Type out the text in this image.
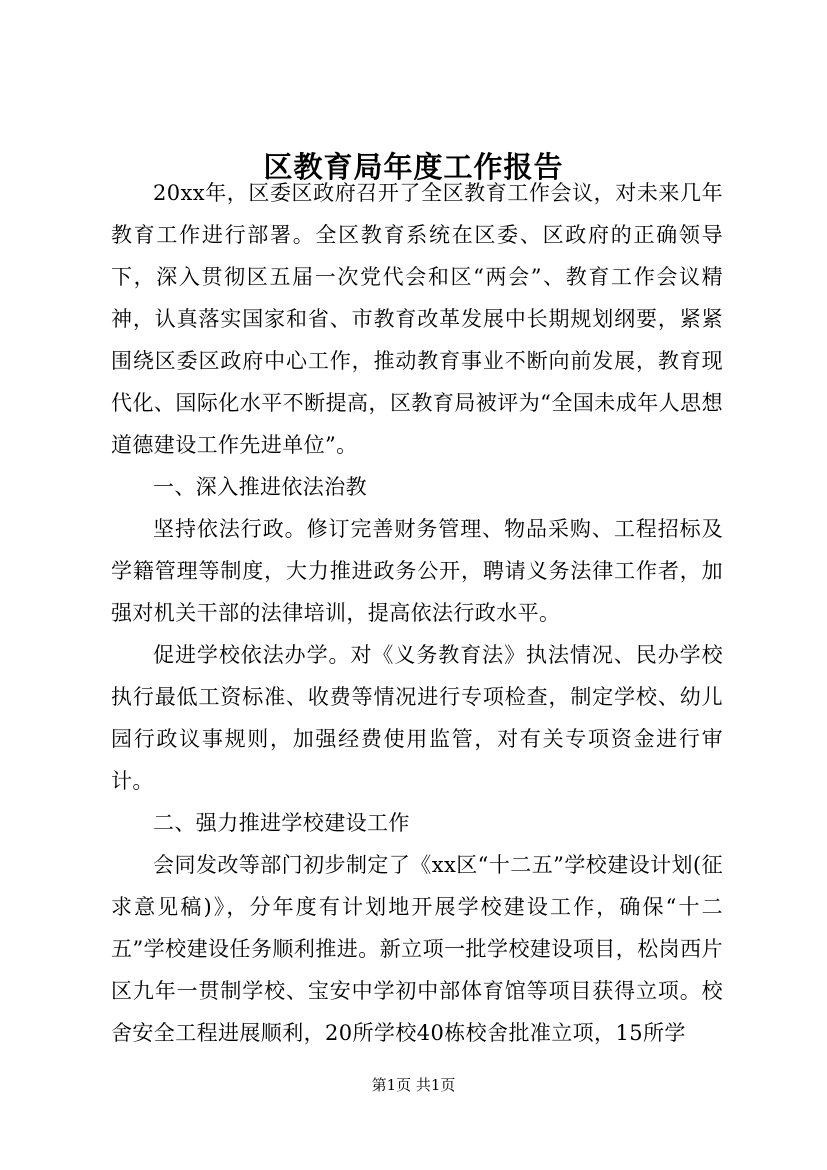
区教育局年度工作报告

20xx年，区委区政府召开了全区教育工作会议，对未来几年教育工作进行部署。全区教育系统在区委、区政府的正确领导下，深入贯彻区五届一次党代会和区“两会”、教育工作会议精神，认真落实国家和省、市教育改革发展中长期规划纲要，紧紧围绕区委区政府中心工作，推动教育事业不断向前发展，教育现代化、国际化水平不断提高，区教育局被评为“全国未成年人思想道德建设工作先进单位”。

一、深入推进依法治教

坚持依法行政。修订完善财务管理、物品采购、工程招标及学籍管理等制度，大力推进政务公开，聘请义务法律工作者，加强对机关干部的法律培训，提高依法行政水平。

促进学校依法办学。对《义务教育法》执法情况、民办学校执行最低工资标准、收费等情况进行专项检查，制定学校、幼儿园行政议事规则，加强经费使用监管，对有关专项资金进行审计。

二、强力推进学校建设工作

会同发改等部门初步制定了《xx区“十二五”学校建设计划(征求意见稿)》，分年度有计划地开展学校建设工作，确保“十二五”学校建设任务顺利推进。新立项一批学校建设项目，松岗西片区九年一贯制学校、宝安中学初中部体育馆等项目获得立项。校舍安全工程进展顺利，20所学校40栋校舍批准立项，15所学

第1页 共1页
